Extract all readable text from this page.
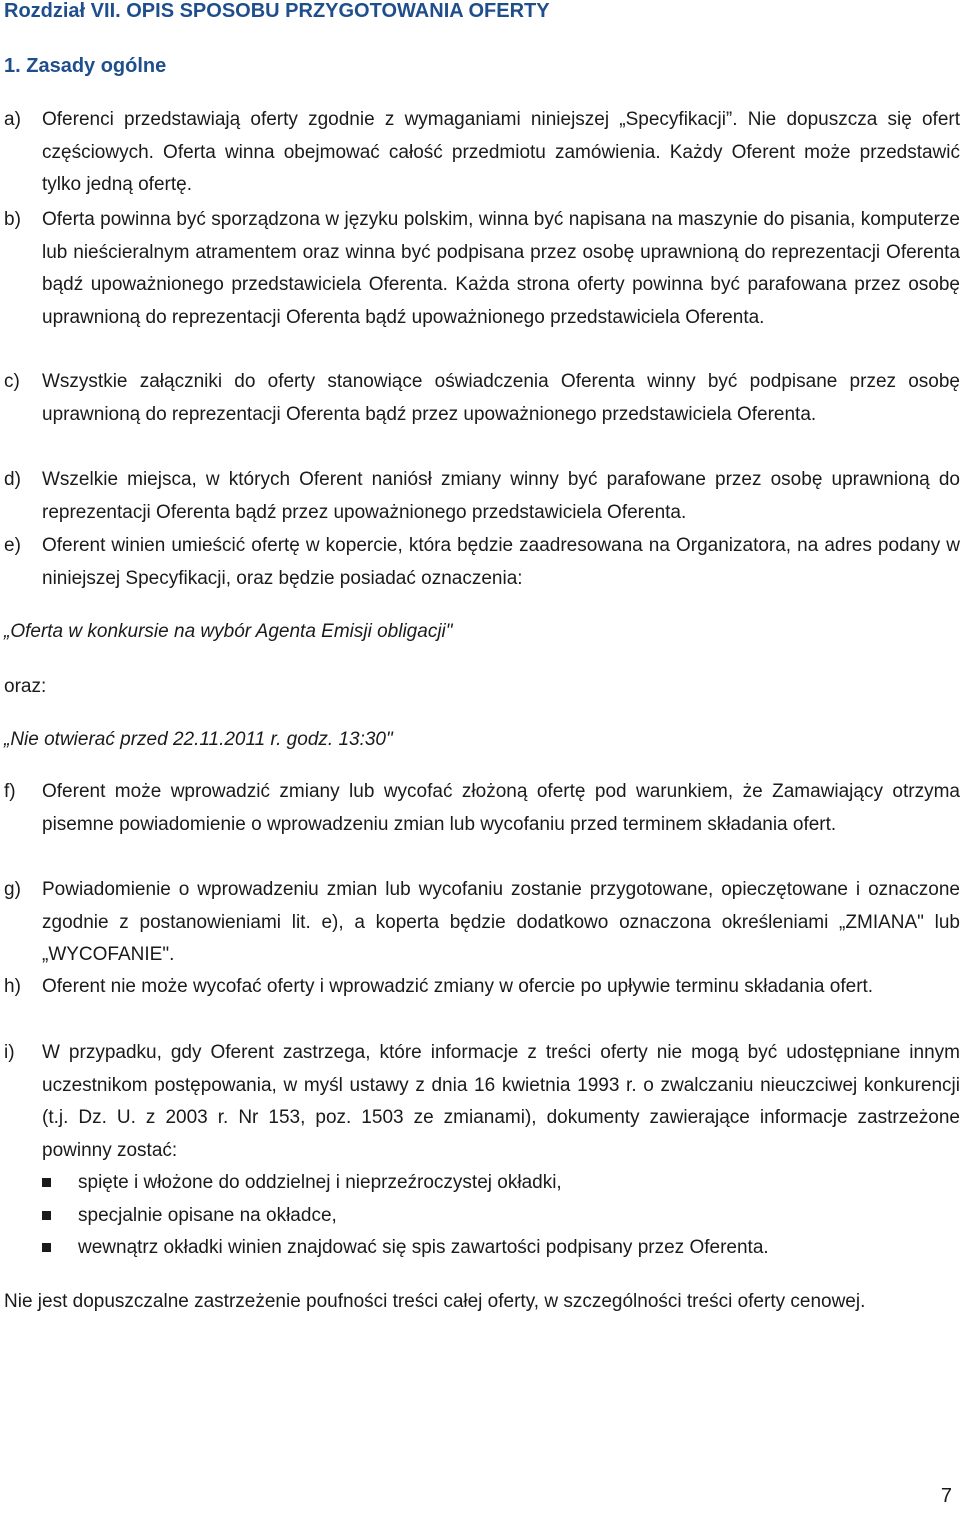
Rozdział VII. OPIS SPOSOBU PRZYGOTOWANIA OFERTY
1. Zasady ogólne
a) Oferenci przedstawiają oferty zgodnie z wymaganiami niniejszej „Specyfikacji”. Nie dopuszcza się ofert częściowych. Oferta winna obejmować całość przedmiotu zamówienia. Każdy Oferent może przedstawić tylko jedną ofertę.
b) Oferta powinna być sporządzona w języku polskim, winna być napisana na maszynie do pisania, komputerze lub nieścieralnym atramentem oraz winna być podpisana przez osobę uprawnioną do reprezentacji Oferenta bądź upoważnionego przedstawiciela Oferenta. Każda strona oferty powinna być parafowana przez osobę uprawnioną do reprezentacji Oferenta bądź upoważnionego przedstawiciela Oferenta.
c) Wszystkie załączniki do oferty stanowiące oświadczenia Oferenta winny być podpisane przez osobę uprawnioną do reprezentacji Oferenta bądź przez upoważnionego przedstawiciela Oferenta.
d) Wszelkie miejsca, w których Oferent naniósł zmiany winny być parafowane przez osobę uprawnioną do reprezentacji Oferenta bądź przez upoważnionego przedstawiciela Oferenta.
e) Oferent winien umieścić ofertę w kopercie, która będzie zaadresowana na Organizatora, na adres podany w niniejszej Specyfikacji, oraz będzie posiadać oznaczenia:
„Oferta w konkursie na wybór Agenta Emisji obligacji"
oraz:
„Nie otwierać przed 22.11.2011 r. godz. 13:30"
f) Oferent może wprowadzić zmiany lub wycofać złożoną ofertę pod warunkiem, że Zamawiający otrzyma pisemne powiadomienie o wprowadzeniu zmian lub wycofaniu przed terminem składania ofert.
g) Powiadomienie o wprowadzeniu zmian lub wycofaniu zostanie przygotowane, opieczętowane i oznaczone zgodnie z postanowieniami lit. e), a koperta będzie dodatkowo oznaczona określeniami „ZMIANA" lub „WYCOFANIE".
h) Oferent nie może wycofać oferty i wprowadzić zmiany w ofercie po upływie terminu składania ofert.
i) W przypadku, gdy Oferent zastrzega, które informacje z treści oferty nie mogą być udostępniane innym uczestnikom postępowania, w myśl ustawy z dnia 16 kwietnia 1993 r. o zwalczaniu nieuczciwej konkurencji (t.j. Dz. U. z 2003 r. Nr 153, poz. 1503 ze zmianami), dokumenty zawierające informacje zastrzeżone powinny zostać:
spięte i włożone do oddzielnej i nieprzeźroczystej okładki,
specjalnie opisane na okładce,
wewnątrz okładki winien znajdować się spis zawartości podpisany przez Oferenta.
Nie jest dopuszczalne zastrzeżenie poufności treści całej oferty, w szczególności treści oferty cenowej.
7
